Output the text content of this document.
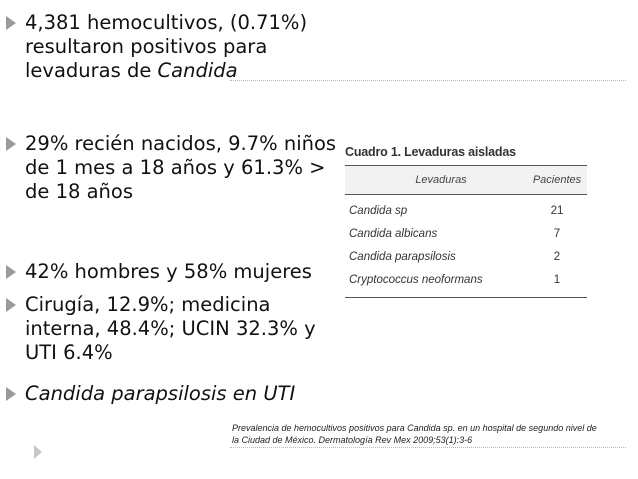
4,381 hemocultivos, (0.71%) resultaron positivos para levaduras de Candida
29% recién nacidos, 9.7% niños de 1 mes a 18 años y 61.3% > de 18 años
42% hombres y 58% mujeres
Cirugía, 12.9%; medicina interna, 48.4%; UCIN 32.3% y UTI 6.4%
Candida parapsilosis en UTI
Cuadro 1. Levaduras aisladas
Levaduras	Pacientes
Candida sp	21
Candida albicans	7
Candida parapsilosis	2
Cryptococcus neoformans	1
Prevalencia de hemocultivos positivos para Candida sp. en un hospital de segundo nivel de la Ciudad de México. Dermatología Rev Mex 2009;53(1):3-6
